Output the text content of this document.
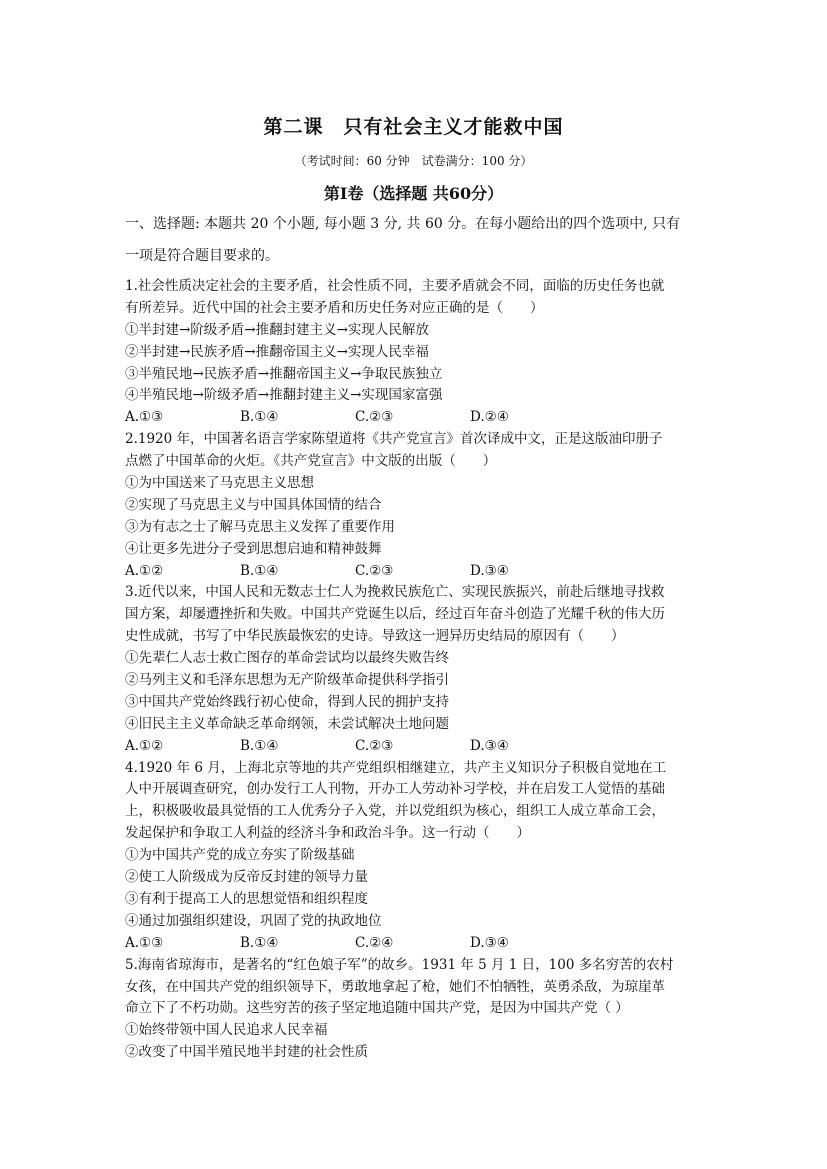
第二课　只有社会主义才能救中国
（考试时间：60 分钟　试卷满分：100 分）
第Ⅰ卷（选择题 共60分）
一、选择题: 本题共 20 个小题, 每小题 3 分, 共 60 分。在每小题给出的四个选项中, 只有
一项是符合题目要求的。
1.社会性质决定社会的主要矛盾，社会性质不同，主要矛盾就会不同，面临的历史任务也就
有所差异。近代中国的社会主要矛盾和历史任务对应正确的是（　　）
①半封建→阶级矛盾→推翻封建主义→实现人民解放
②半封建→民族矛盾→推翻帝国主义→实现人民幸福
③半殖民地→民族矛盾→推翻帝国主义→争取民族独立
④半殖民地→阶级矛盾→推翻封建主义→实现国家富强
A.①③	B.①④	C.②③	D.②④
2.1920 年，中国著名语言学家陈望道将《共产党宣言》首次译成中文，正是这版油印册子
点燃了中国革命的火炬。《共产党宣言》中文版的出版（　　）
①为中国送来了马克思主义思想
②实现了马克思主义与中国具体国情的结合
③为有志之士了解马克思主义发挥了重要作用
④让更多先进分子受到思想启迪和精神鼓舞
A.①②	B.①④	C.②③	D.③④
3.近代以来，中国人民和无数志士仁人为挽救民族危亡、实现民族振兴，前赴后继地寻找救
国方案，却屡遭挫折和失败。中国共产党诞生以后，经过百年奋斗创造了光耀千秋的伟大历
史性成就，书写了中华民族最恢宏的史诗。导致这一迥异历史结局的原因有（　　）
①先辈仁人志士救亡图存的革命尝试均以最终失败告终
②马列主义和毛泽东思想为无产阶级革命提供科学指引
③中国共产党始终践行初心使命，得到人民的拥护支持
④旧民主主义革命缺乏革命纲领，未尝试解决土地问题
A.①②	B.①④	C.②③	D.③④
4.1920 年 6 月，上海北京等地的共产党组织相继建立，共产主义知识分子积极自觉地在工
人中开展调查研究，创办发行工人刊物，开办工人劳动补习学校，并在启发工人觉悟的基础
上，积极吸收最具觉悟的工人优秀分子入党，并以党组织为核心，组织工人成立革命工会，
发起保护和争取工人利益的经济斗争和政治斗争。这一行动（　　）
①为中国共产党的成立夯实了阶级基础
②使工人阶级成为反帝反封建的领导力量
③有利于提高工人的思想觉悟和组织程度
④通过加强组织建设，巩固了党的执政地位
A.①③	B.①④	C.②④	D.③④
5.海南省琼海市，是著名的“红色娘子军”的故乡。1931 年 5 月 1 日，100 多名穷苦的农村
女孩，在中国共产党的组织领导下，勇敢地拿起了枪，她们不怕牺牲，英勇杀敌，为琼崖革
命立下了不朽功勋。这些穷苦的孩子坚定地追随中国共产党，是因为中国共产党（ ）
①始终带领中国人民追求人民幸福
②改变了中国半殖民地半封建的社会性质
